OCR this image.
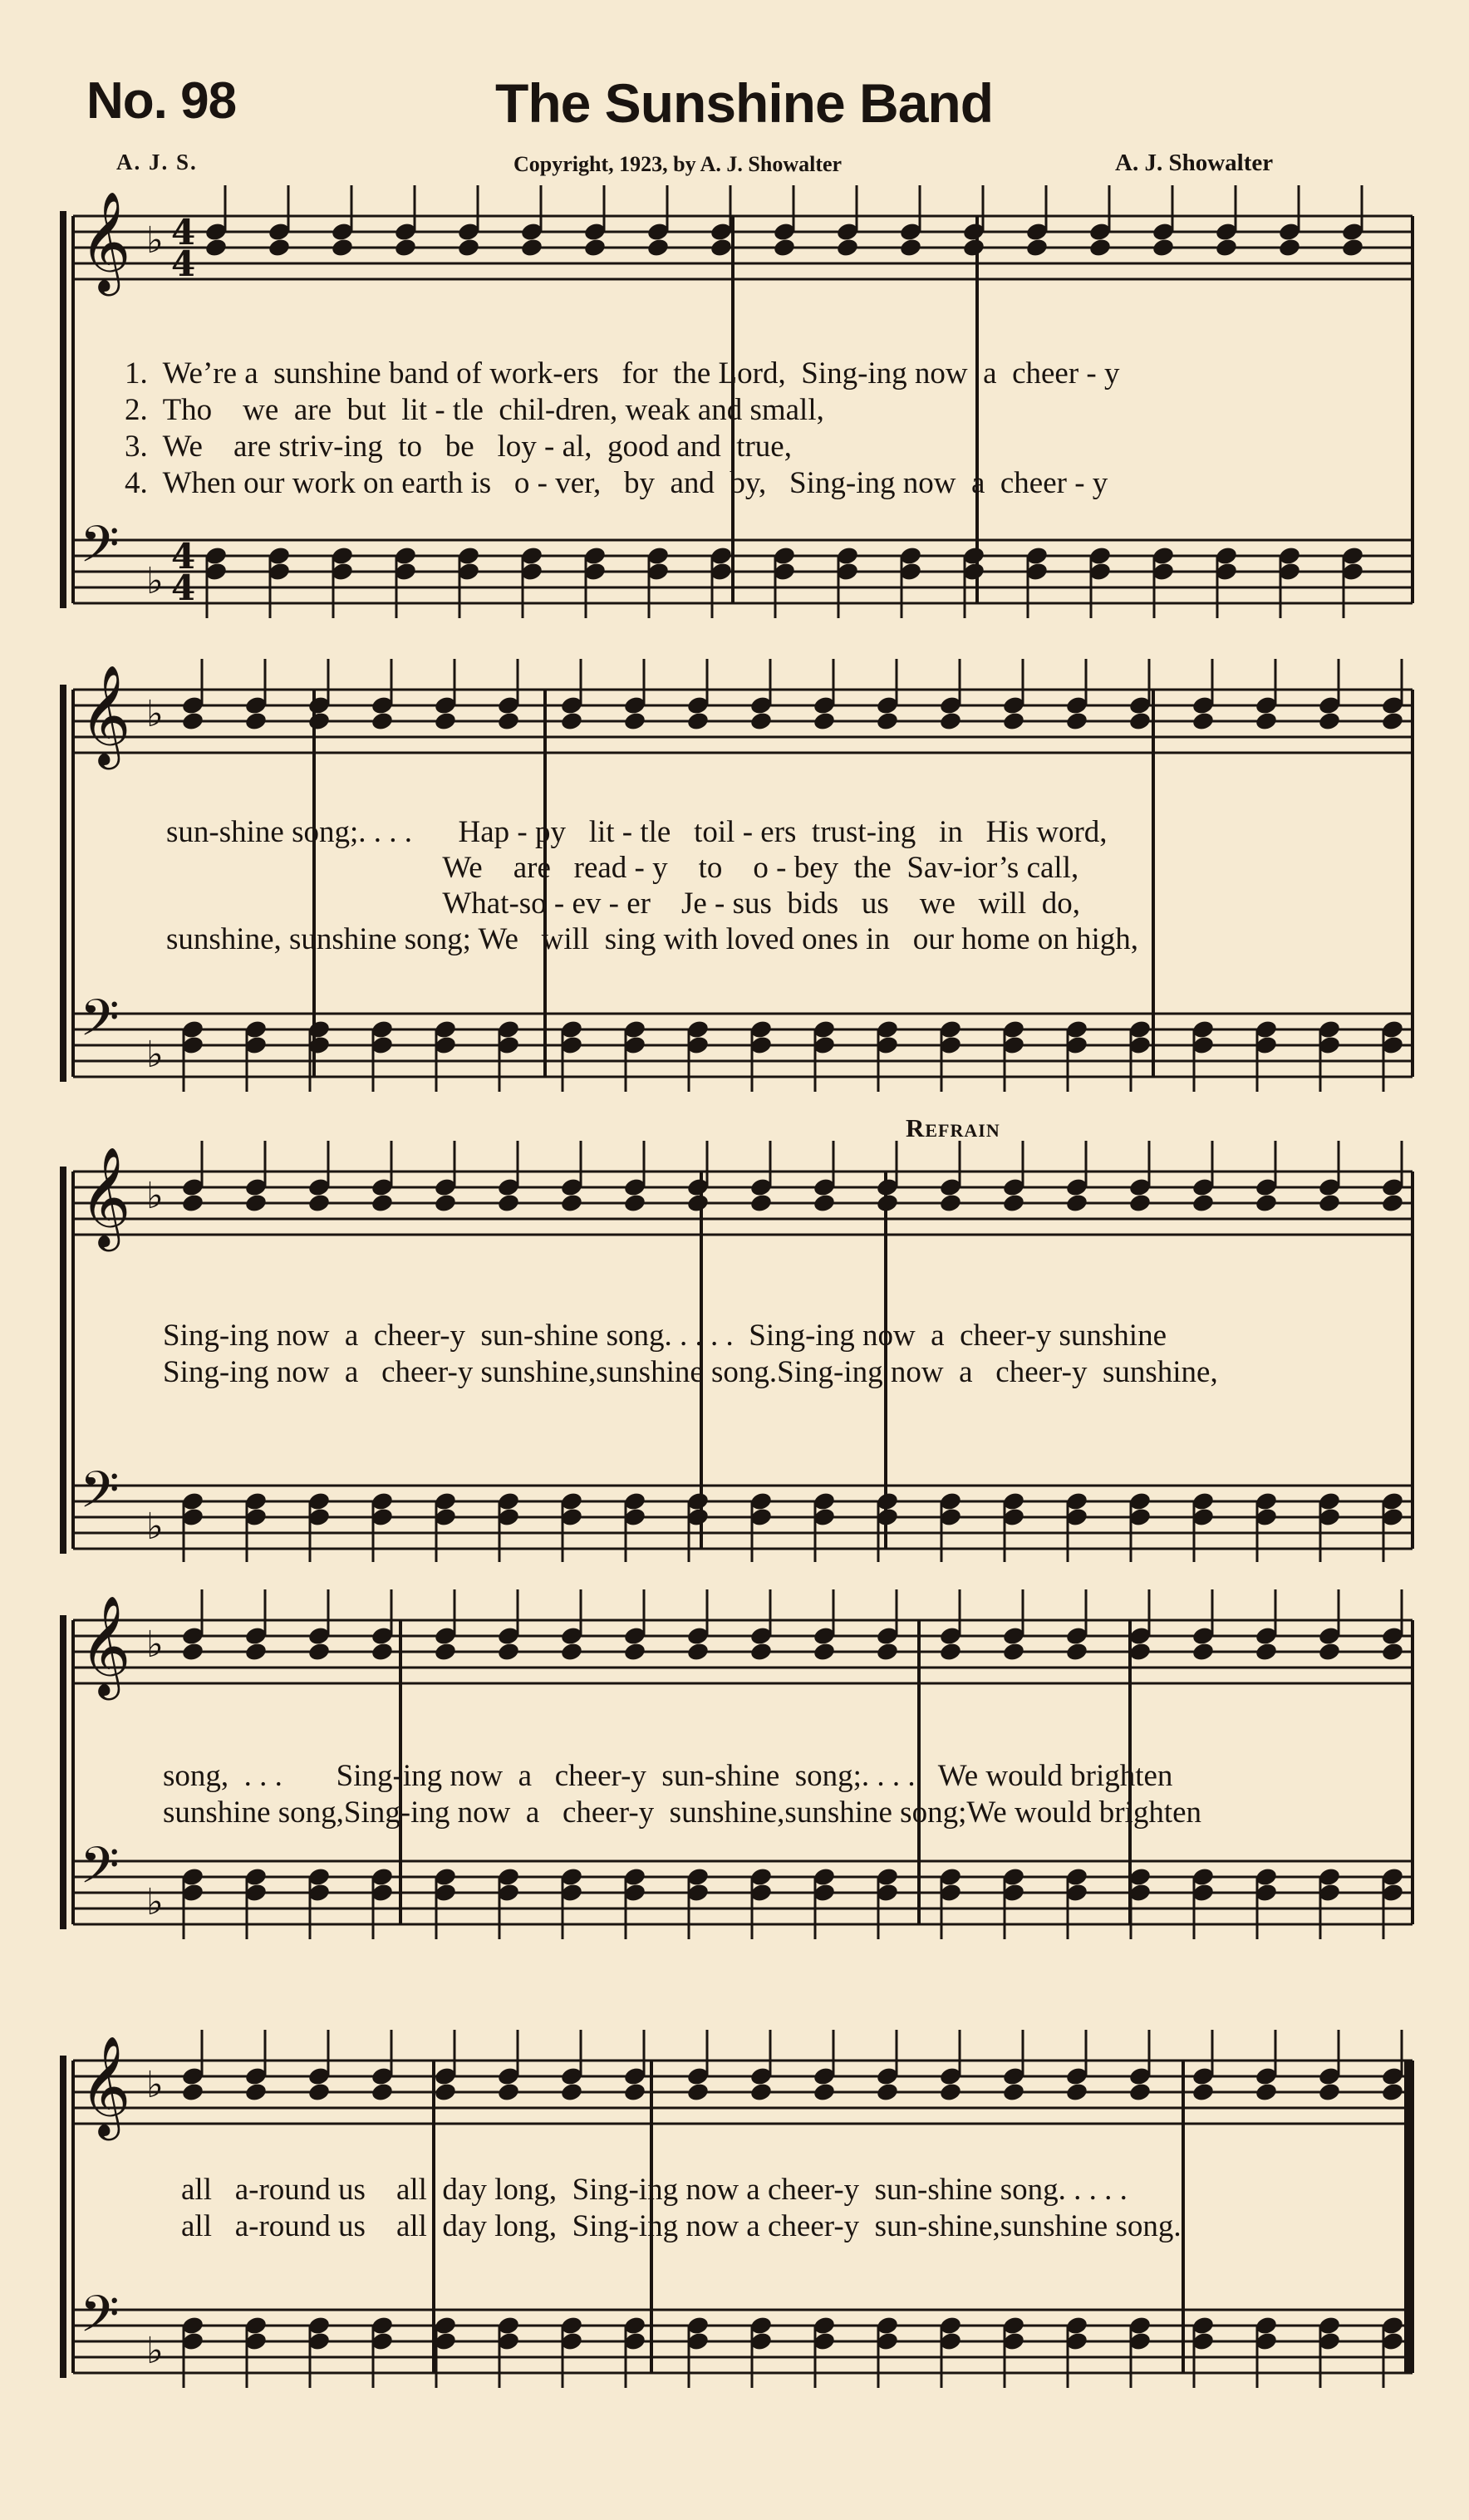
No. 98	The Sunshine Band
A. J. S.	Copyright, 1923, by A. J. Showalter	A. J. Showalter
𝄞 ♭ 4
4
𝄢 ♭
4
4
1.  We’re a  sunshine band of work-ers   for  the Lord,  Sing-ing now  a  cheer - y
2.  Tho    we  are  but  lit - tle  chil-dren, weak and small,
3.  We    are striv-ing  to   be   loy - al,  good and  true,
4.  When our work on earth is   o - ver,   by  and  by,   Sing-ing now  a  cheer - y
𝄞 ♭
𝄢 ♭
sun-shine song;. . . .      Hap - py   lit - tle   toil - ers  trust-ing   in   His word,
We    are   read - y    to    o - bey  the  Sav-ior’s call,
What-so - ev - er    Je - sus  bids   us    we   will  do,
sunshine, sunshine song; We   will  sing with loved ones in   our home on high,
Refrain
𝄞 ♭
𝄢 ♭
Sing-ing now  a  cheer-y  sun-shine song. . . . .  Sing-ing now  a  cheer-y sunshine
Sing-ing now  a   cheer-y sunshine,sunshine song.Sing-ing now  a   cheer-y  sunshine,
𝄞 ♭
𝄢 ♭
song,  . . .       Sing-ing now  a   cheer-y  sun-shine  song;. . . .   We would brighten
sunshine song,Sing-ing now  a   cheer-y  sunshine,sunshine song;We would brighten
𝄞 ♭
𝄢 ♭
all   a-round us    all  day long,  Sing-ing now a cheer-y  sun-shine song. . . . .
all   a-round us    all  day long,  Sing-ing now a cheer-y  sun-shine,sunshine song.
